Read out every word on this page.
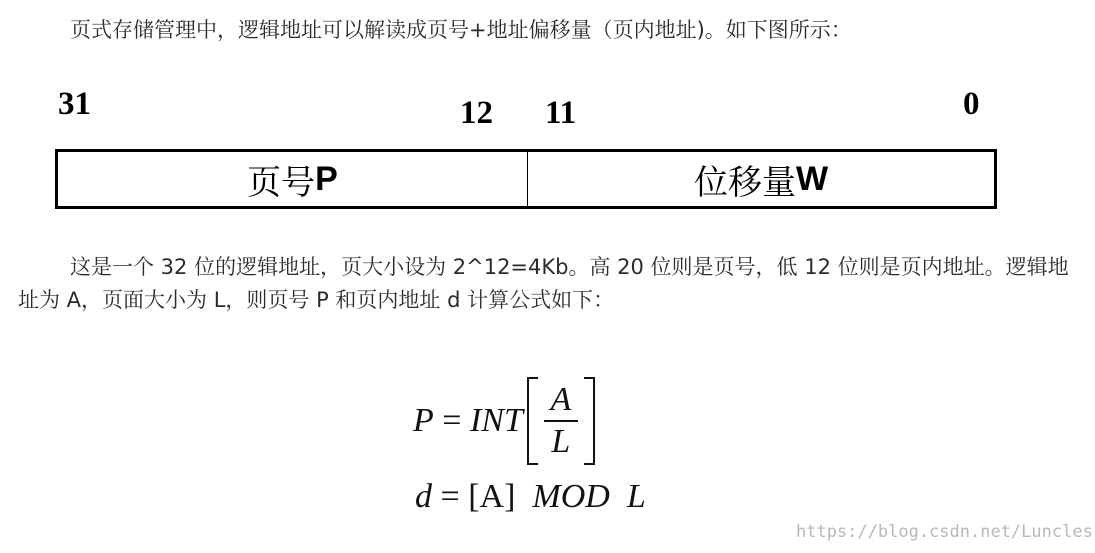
页式存储管理中，逻辑地址可以解读成页号+地址偏移量（页内地址)。如下图所示：

31	12 11	0
页号 P	位移量 W

这是一个 32 位的逻辑地址，页大小设为 2^12=4Kb。高 20 位则是页号，低 12 位则是页内地址。逻辑地址为 A，页面大小为 L，则页号 P 和页内地址 d 计算公式如下：

P = INT $\frac{A}{L}$
d = [A] MOD L
https://blog.csdn.net/Luncles
